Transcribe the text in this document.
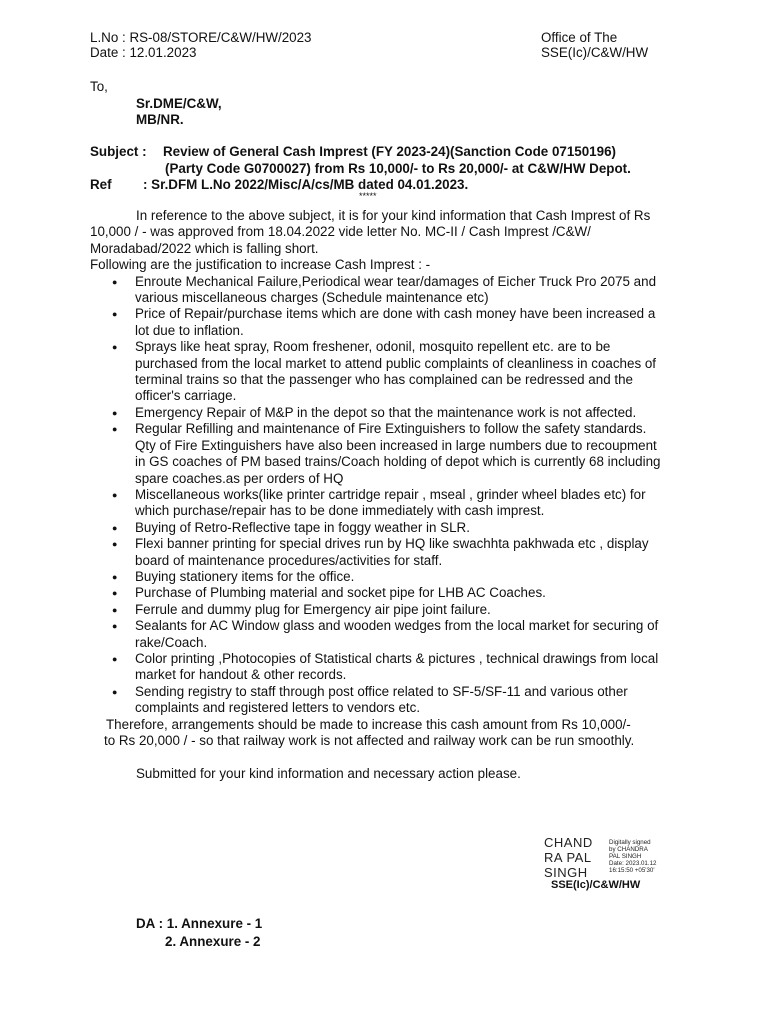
L.No : RS-08/STORE/C&W/HW/2023
Date : 12.01.2023
Office of The
SSE(Ic)/C&W/HW
To,
Sr.DME/C&W,
MB/NR.
Subject : Review of General Cash Imprest (FY 2023-24)(Sanction Code 07150196)
(Party Code G0700027) from Rs 10,000/- to Rs 20,000/- at C&W/HW Depot.
Ref : Sr.DFM L.No 2022/Misc/A/cs/MB dated 04.01.2023.
*****

In reference to the above subject, it is for your kind information that Cash Imprest of Rs

10,000 / - was approved from 18.04.2022 vide letter No. MC-II / Cash Imprest /C&W/

Moradabad/2022 which is falling short.

Following are the justification to increase Cash Imprest : -

● Enroute Mechanical Failure,Periodical wear tear/damages of Eicher Truck Pro 2075 and
various miscellaneous charges (Schedule maintenance etc)
● Price of Repair/purchase items which are done with cash money have been increased a
lot due to inflation.
● Sprays like heat spray, Room freshener, odonil, mosquito repellent etc. are to be
purchased from the local market to attend public complaints of cleanliness in coaches of
terminal trains so that the passenger who has complained can be redressed and the
officer's carriage.
● Emergency Repair of M&P in the depot so that the maintenance work is not affected.
● Regular Refilling and maintenance of Fire Extinguishers to follow the safety standards.
Qty of Fire Extinguishers have also been increased in large numbers due to recoupment
in GS coaches of PM based trains/Coach holding of depot which is currently 68 including
spare coaches.as per orders of HQ
● Miscellaneous works(like printer cartridge repair , mseal , grinder wheel blades etc) for
which purchase/repair has to be done immediately with cash imprest.
● Buying of Retro-Reflective tape in foggy weather in SLR.
● Flexi banner printing for special drives run by HQ like swachhta pakhwada etc , display
board of maintenance procedures/activities for staff.
● Buying stationery items for the office.
● Purchase of Plumbing material and socket pipe for LHB AC Coaches.
● Ferrule and dummy plug for Emergency air pipe joint failure.
● Sealants for AC Window glass and wooden wedges from the local market for securing of
rake/Coach.
● Color printing ,Photocopies of Statistical charts & pictures , technical drawings from local
market for handout & other records.
● Sending registry to staff through post office related to SF-5/SF-11 and various other
complaints and registered letters to vendors etc.

Therefore, arrangements should be made to increase this cash amount from Rs 10,000/-

to Rs 20,000 / - so that railway work is not affected and railway work can be run smoothly.

Submitted for your kind information and necessary action please.

CHAND
RA PAL
SINGH
Digitally signed
by CHANDRA
PAL SINGH
Date: 2023.01.12
16:15:50 +05'30'
SSE(Ic)/C&W/HW
DA : 1. Annexure - 1
2. Annexure - 2
